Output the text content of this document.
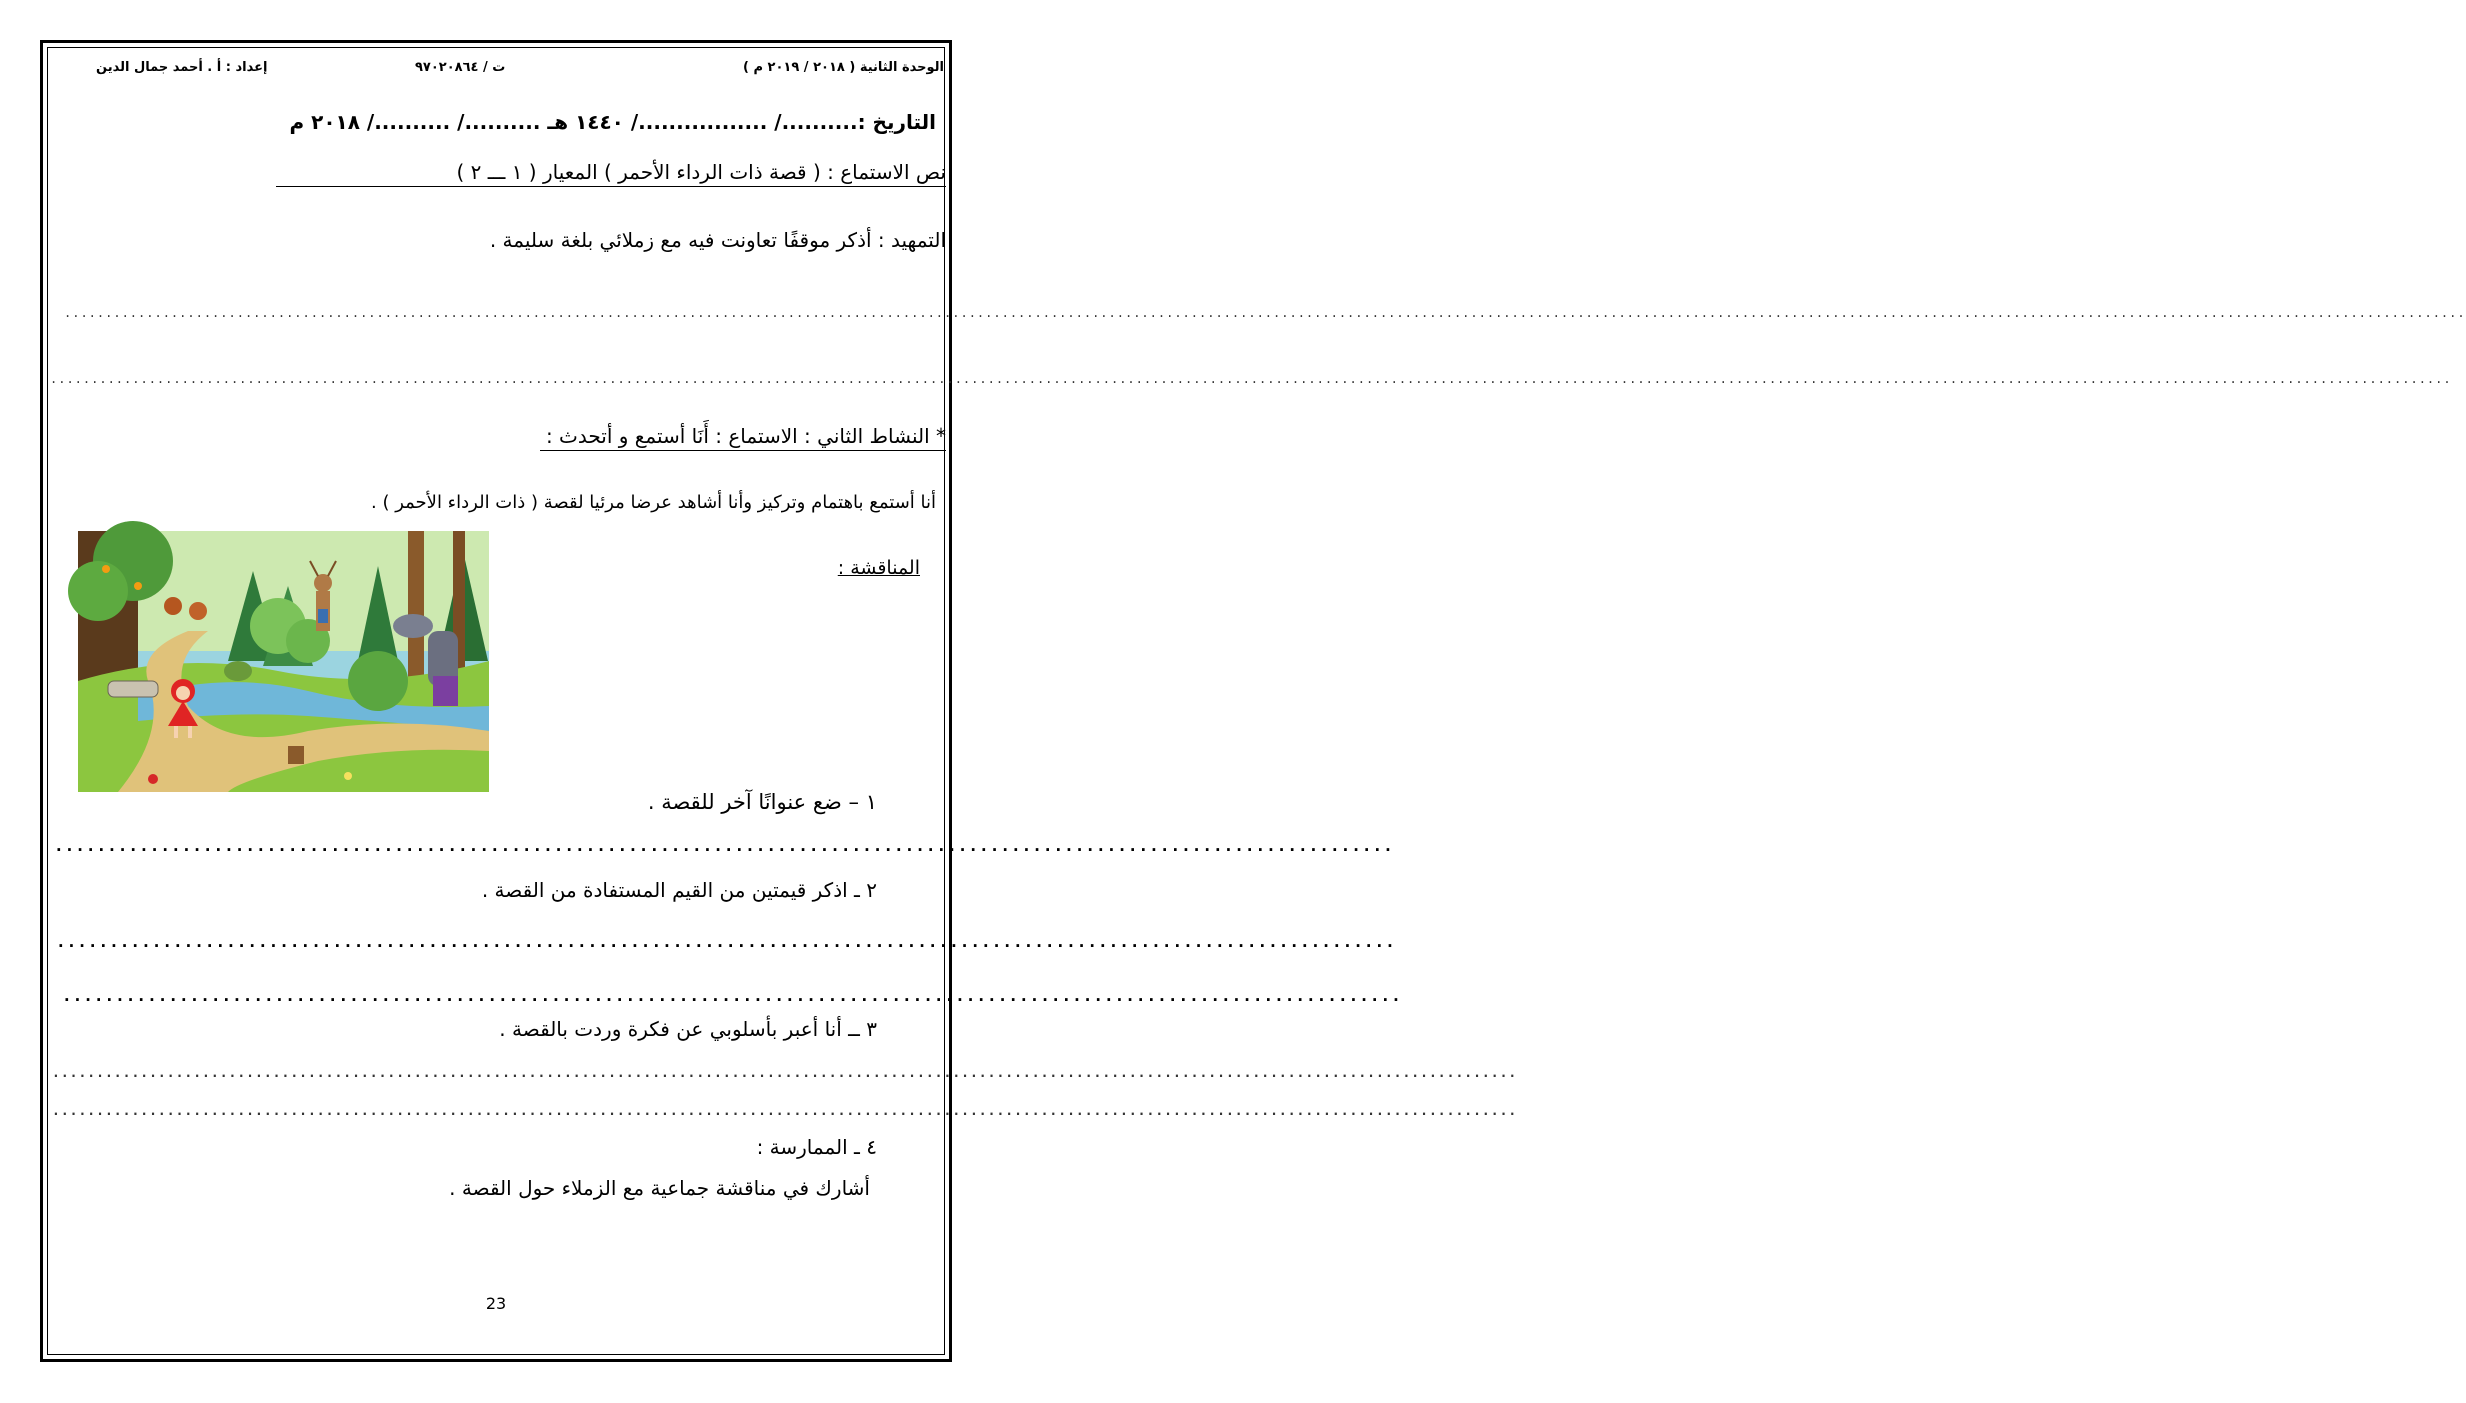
الوحدة الثانية ( ٢٠١٨ / ٢٠١٩ م )

ت / ٩٧٠٢٠٨٦٤

إعداد : أ . أحمد جمال الدين

التاريخ :........../ ................./ ١٤٤٠ هـ ........../ ........../ ٢٠١٨ م

نص الاستماع : ( قصة ذات الرداء الأحمر ) المعيار ( ١ ـــ ٢ )

التمهيد : أذكر موقفًا تعاونت فيه مع زملائي بلغة سليمة .

....................................................................................................................................................................................................................................................................................................
....................................................................................................................................................................................................................................................................................................

* النشاط الثاني : الاستماع : أَنَا أستمع و أتحدث :

أنا أستمع باهتمام وتركيز وأنا أشاهد عرضا مرئيا لقصة ( ذات الرداء الأحمر ) .

المناقشة :

١ – ضع عنوانًا آخر للقصة .

..............................................................................................................................

٢ ـ اذكر قيمتين من القيم المستفادة من القصة .

..............................................................................................................................
..............................................................................................................................

٣ ــ أنا أعبر بأسلوبي عن فكرة وردت بالقصة .

......................................................................................................................................................................
......................................................................................................................................................................

٤ ـ الممارسة :

أشارك في مناقشة جماعية مع الزملاء حول القصة .

23
